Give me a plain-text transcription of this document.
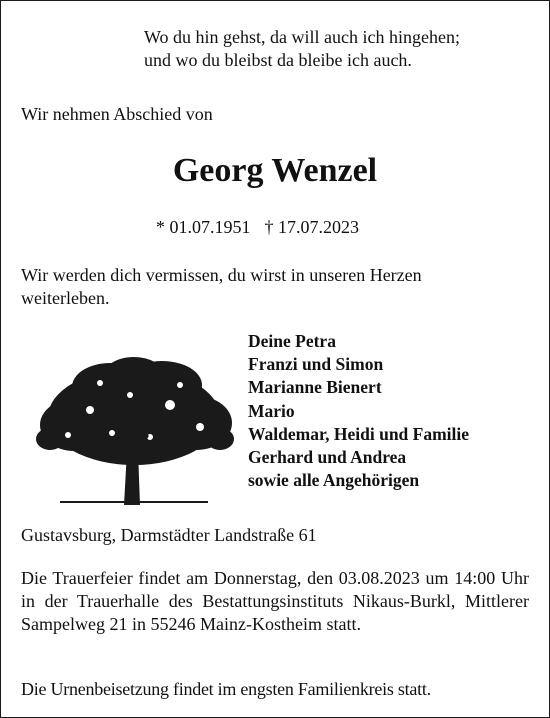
Wo du hin gehst, da will auch ich hingehen;
und wo du bleibst da bleibe ich auch.
Wir nehmen Abschied von
Georg Wenzel
* 01.07.1951 † 17.07.2023
Wir werden dich vermissen, du wirst in unseren Herzen
weiterleben.
Deine Petra
Franzi und Simon
Marianne Bienert
Mario
Waldemar, Heidi und Familie
Gerhard und Andrea
sowie alle Angehörigen
Gustavsburg, Darmstädter Landstraße 61
Die Trauerfeier findet am Donnerstag, den 03.08.2023 um 14:00 Uhr in der Trauerhalle des Bestattungsinstituts Nikaus-Burkl, Mittlerer Sampelweg 21 in 55246 Mainz-Kostheim statt.
Die Urnenbeisetzung findet im engsten Familienkreis statt.
